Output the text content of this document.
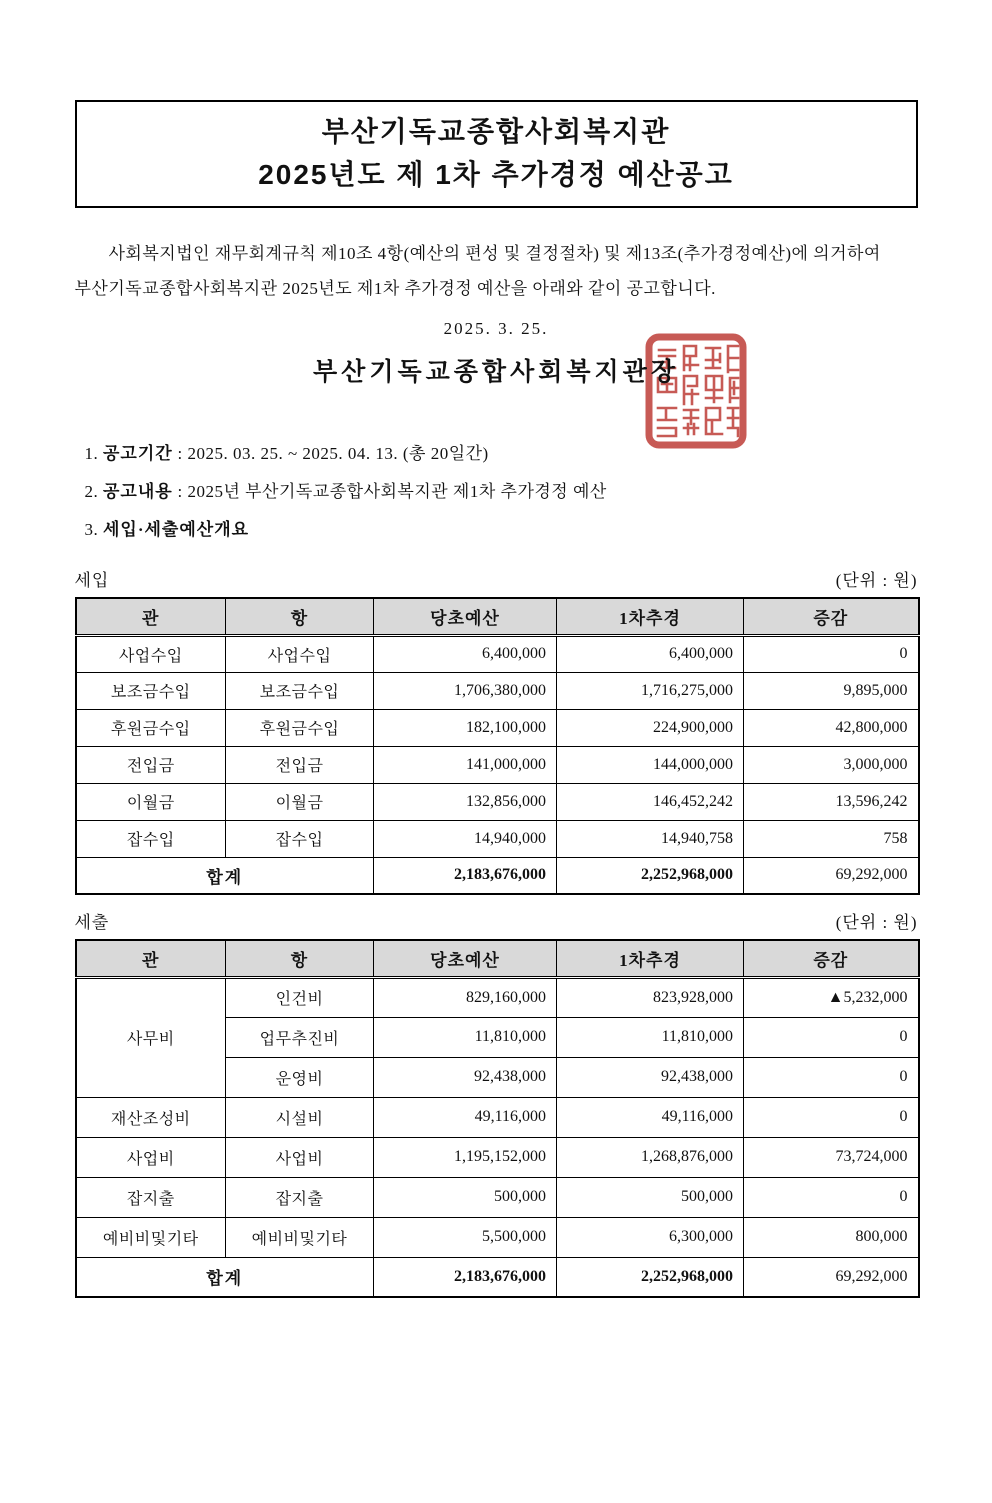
부산기독교종합사회복지관
2025년도 제 1차 추가경정 예산공고
사회복지법인 재무회계규칙 제10조 4항(예산의 편성 및 결정절차) 및 제13조(추가경정예산)에 의거하여
부산기독교종합사회복지관 2025년도 제1차 추가경정 예산을 아래와 같이 공고합니다.
2025. 3. 25.
부산기독교종합사회복지관장
1. 공고기간 : 2025. 03. 25. ~ 2025. 04. 13. (총 20일간)
2. 공고내용 : 2025년 부산기독교종합사회복지관 제1차 추가경정 예산
3. 세입·세출예산개요
세입	(단위 : 원)
관	항	당초예산	1차추경	증감
사업수입	사업수입	6,400,000	6,400,000	0
보조금수입	보조금수입	1,706,380,000	1,716,275,000	9,895,000
후원금수입	후원금수입	182,100,000	224,900,000	42,800,000
전입금	전입금	141,000,000	144,000,000	3,000,000
이월금	이월금	132,856,000	146,452,242	13,596,242
잡수입	잡수입	14,940,000	14,940,758	758
합계		2,183,676,000	2,252,968,000	69,292,000
세출	(단위 : 원)
관	항	당초예산	1차추경	증감
사무비	인건비	829,160,000	823,928,000	▲5,232,000
	업무추진비	11,810,000	11,810,000	0
	운영비	92,438,000	92,438,000	0
재산조성비	시설비	49,116,000	49,116,000	0
사업비	사업비	1,195,152,000	1,268,876,000	73,724,000
잡지출	잡지출	500,000	500,000	0
예비비및기타	예비비및기타	5,500,000	6,300,000	800,000
합계		2,183,676,000	2,252,968,000	69,292,000
